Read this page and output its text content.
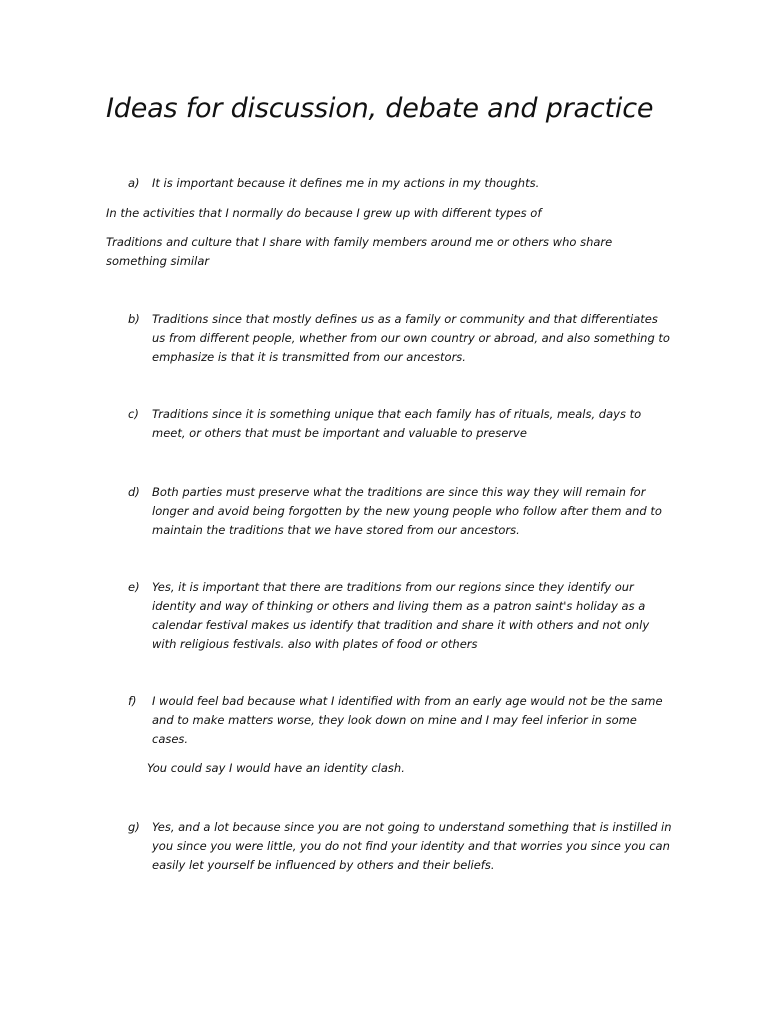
Ideas for discussion, debate and practice
a) It is important because it defines me in my actions in my thoughts.
In the activities that I normally do because I grew up with different types of
Traditions and culture that I share with family members around me or others who share something similar
b) Traditions since that mostly defines us as a family or community and that differentiates us from different people, whether from our own country or abroad, and also something to emphasize is that it is transmitted from our ancestors.
c) Traditions since it is something unique that each family has of rituals, meals, days to meet, or others that must be important and valuable to preserve
d) Both parties must preserve what the traditions are since this way they will remain for longer and avoid being forgotten by the new young people who follow after them and to maintain the traditions that we have stored from our ancestors.
e) Yes, it is important that there are traditions from our regions since they identify our identity and way of thinking or others and living them as a patron saint's holiday as a calendar festival makes us identify that tradition and share it with others and not only with religious festivals. also with plates of food or others
f) I would feel bad because what I identified with from an early age would not be the same and to make matters worse, they look down on mine and I may feel inferior in some cases.
You could say I would have an identity clash.
g) Yes, and a lot because since you are not going to understand something that is instilled in you since you were little, you do not find your identity and that worries you since you can easily let yourself be influenced by others and their beliefs.
